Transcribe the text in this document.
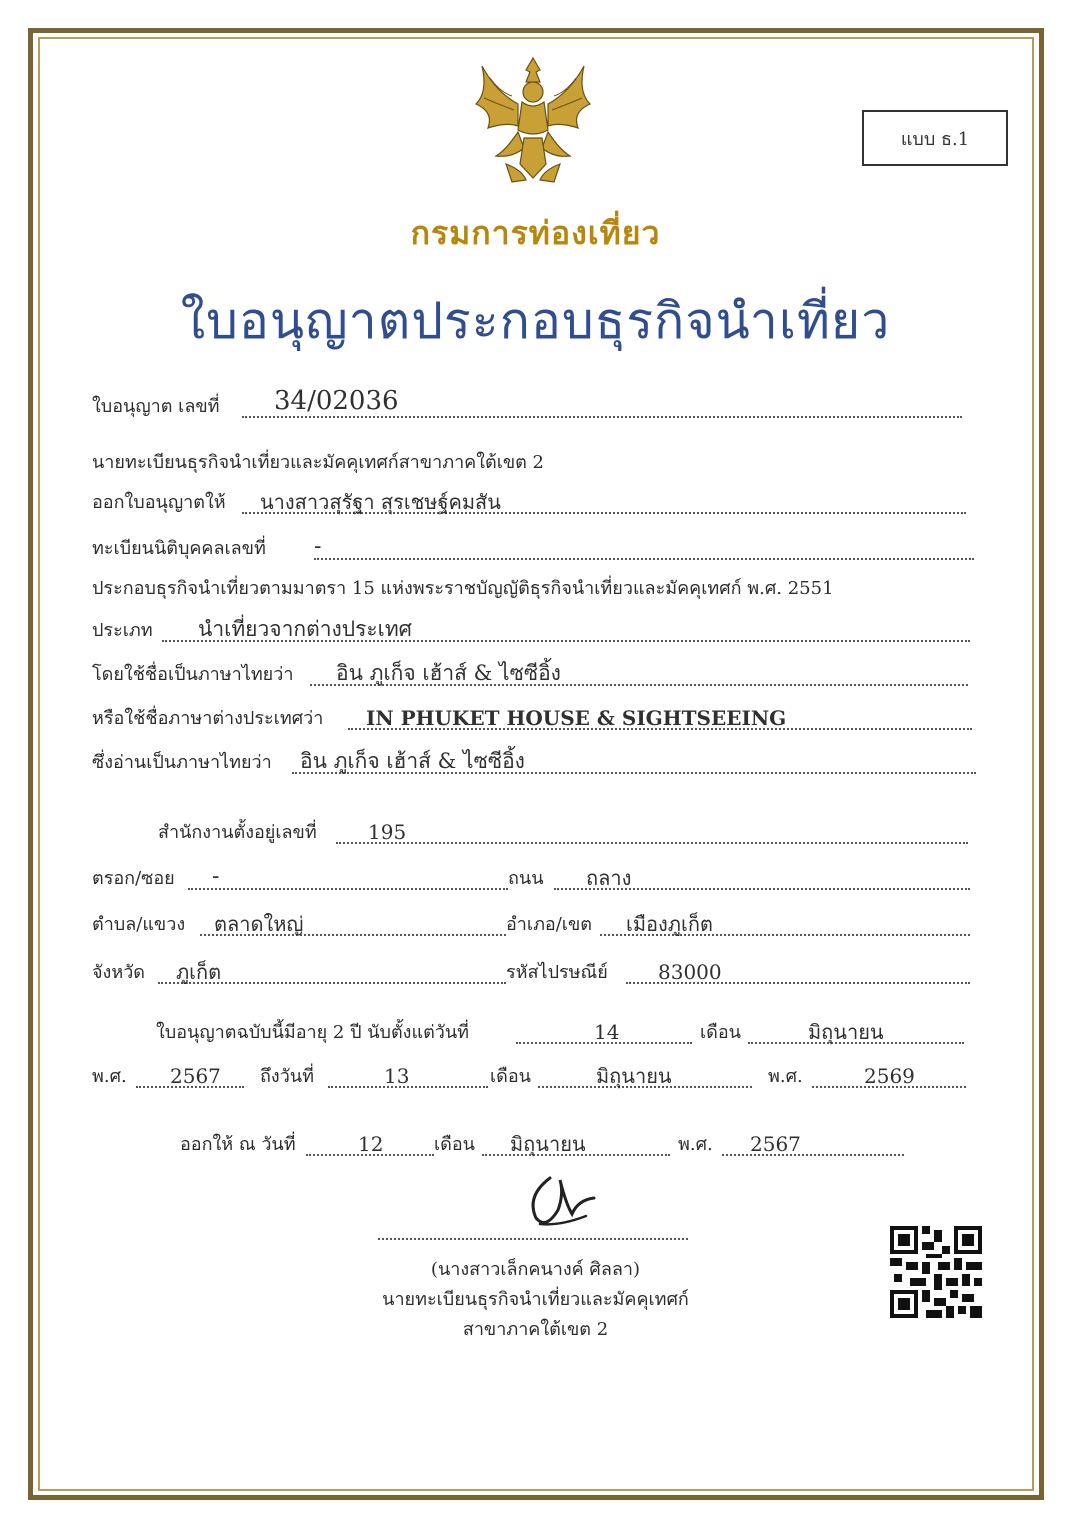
แบบ ธ.1
กรมการท่องเที่ยว
ใบอนุญาตประกอบธุรกิจนำเที่ยว
ใบอนุญาต เลขที่ 34/02036
นายทะเบียนธุรกิจนำเที่ยวและมัคคุเทศก์สาขาภาคใต้เขต 2
ออกใบอนุญาตให้ นางสาวสุรัฐา สุรเชษฐ์คมสัน
ทะเบียนนิติบุคคลเลขที่ -
ประกอบธุรกิจนำเที่ยวตามมาตรา 15 แห่งพระราชบัญญัติธุรกิจนำเที่ยวและมัคคุเทศก์ พ.ศ. 2551
ประเภท นำเที่ยวจากต่างประเทศ
โดยใช้ชื่อเป็นภาษาไทยว่า อิน ภูเก็จ เฮ้าส์ & ไซซีอิ้ง
หรือใช้ชื่อภาษาต่างประเทศว่า IN PHUKET HOUSE & SIGHTSEEING
ซึ่งอ่านเป็นภาษาไทยว่า อิน ภูเก็จ เฮ้าส์ & ไซซีอิ้ง
สำนักงานตั้งอยู่เลขที่	195
ตรอก/ซอย -	ถนน ถลาง
ตำบล/แขวง ตลาดใหญ่	อำเภอ/เขต เมืองภูเก็ต
จังหวัด ภูเก็ต	รหัสไปรษณีย์	83000
ใบอนุญาตฉบับนี้มีอายุ 2 ปี นับตั้งแต่วันที่	14	เดือน	มิถุนายน
พ.ศ. 2567 ถึงวันที่	13	เดือน	มิถุนายน	พ.ศ.	2569
ออกให้ ณ วันที่	12	เดือน มิถุนายน	พ.ศ. 2567
(นางสาวเล็กคนางค์ ศิลลา)
นายทะเบียนธุรกิจนำเที่ยวและมัคคุเทศก์
สาขาภาคใต้เขต 2
